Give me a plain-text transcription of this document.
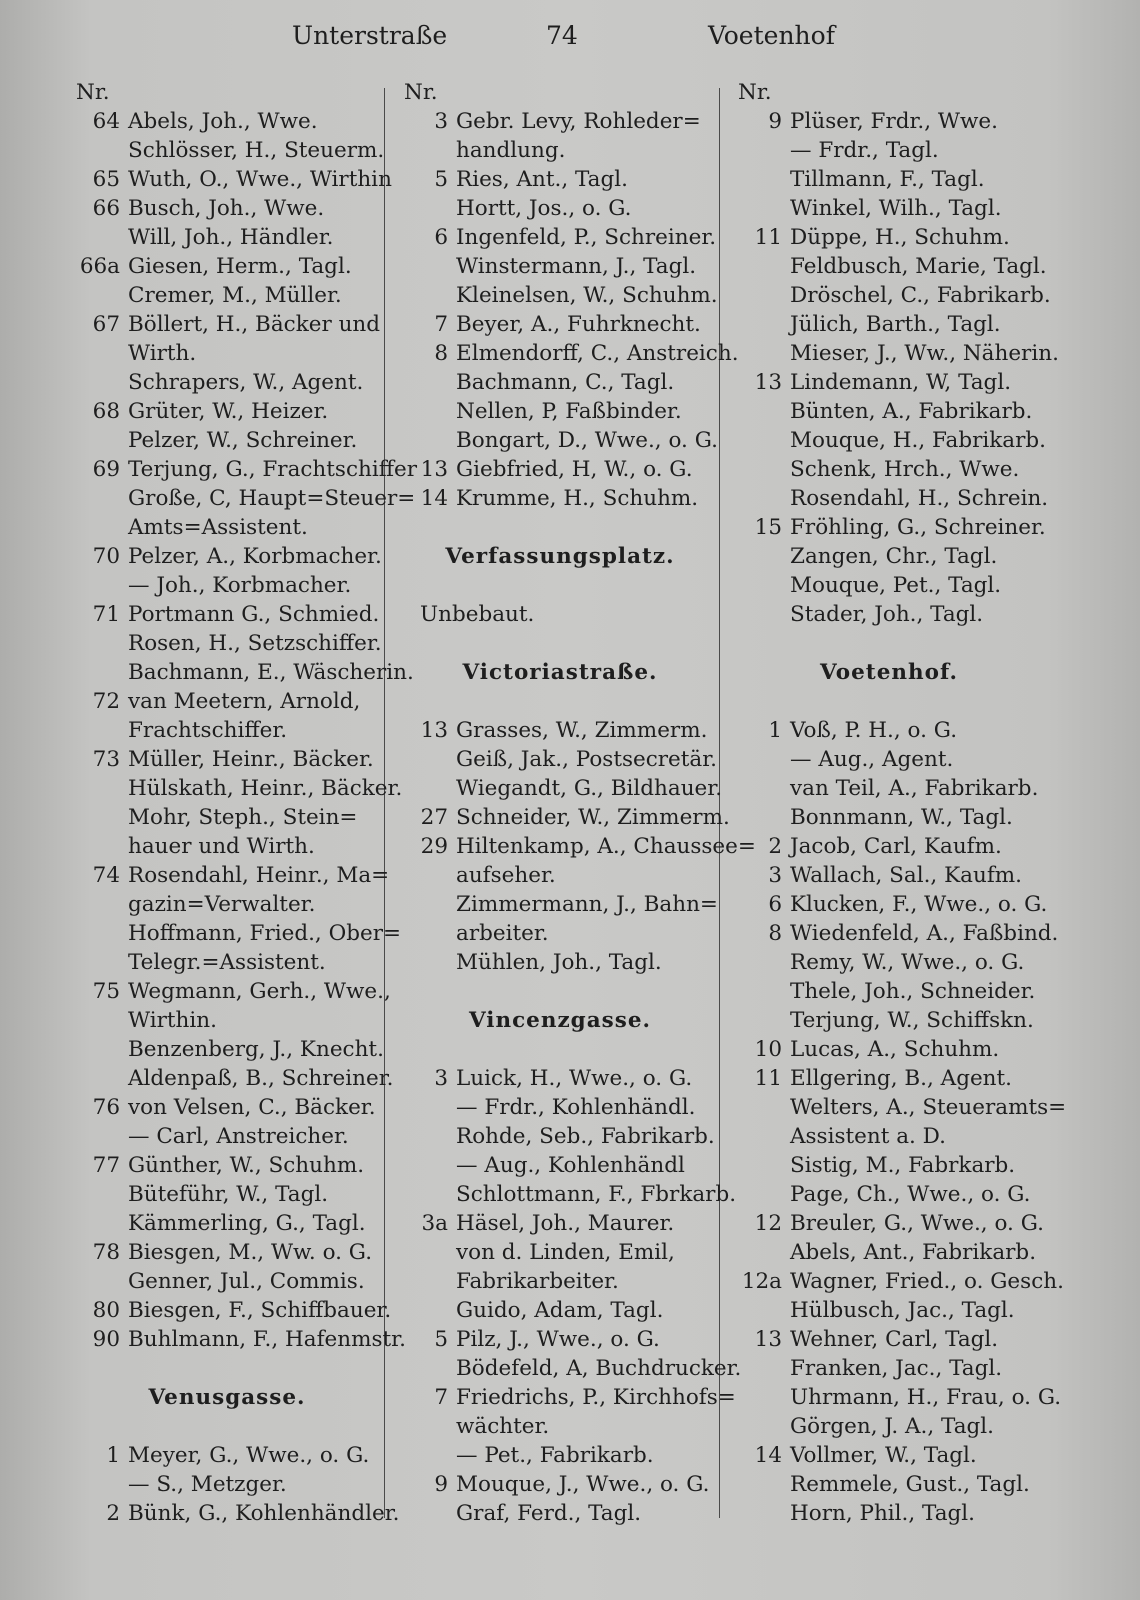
Unterstraße	74	Voetenhof
Nr.
64 Abels, Joh., Wwe.
Schlösser, H., Steuerm.
65 Wuth, O., Wwe., Wirthin
66 Busch, Joh., Wwe.
Will, Joh., Händler.
66a Giesen, Herm., Tagl.
Cremer, M., Müller.
67 Böllert, H., Bäcker und
Wirth.
Schrapers, W., Agent.
68 Grüter, W., Heizer.
Pelzer, W., Schreiner.
69 Terjung, G., Frachtschiffer
Große, C, Haupt=Steuer=
Amts=Assistent.
70 Pelzer, A., Korbmacher.
— Joh., Korbmacher.
71 Portmann G., Schmied.
Rosen, H., Setzschiffer.
Bachmann, E., Wäscherin.
72 van Meetern, Arnold,
Frachtschiffer.
73 Müller, Heinr., Bäcker.
Hülskath, Heinr., Bäcker.
Mohr, Steph., Stein=
hauer und Wirth.
74 Rosendahl, Heinr., Ma=
gazin=Verwalter.
Hoffmann, Fried., Ober=
Telegr.=Assistent.
75 Wegmann, Gerh., Wwe.,
Wirthin.
Benzenberg, J., Knecht.
Aldenpaß, B., Schreiner.
76 von Velsen, C., Bäcker.
— Carl, Anstreicher.
77 Günther, W., Schuhm.
Büteführ, W., Tagl.
Kämmerling, G., Tagl.
78 Biesgen, M., Ww. o. G.
Genner, Jul., Commis.
80 Biesgen, F., Schiffbauer.
90 Buhlmann, F., Hafenmstr.
Venusgasse.
1 Meyer, G., Wwe., o. G.
— S., Metzger.
2 Bünk, G., Kohlenhändler.
Nr.
3 Gebr. Levy, Rohleder=
handlung.
5 Ries, Ant., Tagl.
Hortt, Jos., o. G.
6 Ingenfeld, P., Schreiner.
Winstermann, J., Tagl.
Kleinelsen, W., Schuhm.
7 Beyer, A., Fuhrknecht.
8 Elmendorff, C., Anstreich.
Bachmann, C., Tagl.
Nellen, P, Faßbinder.
Bongart, D., Wwe., o. G.
13 Giebfried, H, W., o. G.
14 Krumme, H., Schuhm.
Verfassungsplatz.
Unbebaut.
Victoriastraße.
13 Grasses, W., Zimmerm.
Geiß, Jak., Postsecretär.
Wiegandt, G., Bildhauer.
27 Schneider, W., Zimmerm.
29 Hiltenkamp, A., Chaussee=
aufseher.
Zimmermann, J., Bahn=
arbeiter.
Mühlen, Joh., Tagl.
Vincenzgasse.
3 Luick, H., Wwe., o. G.
— Frdr., Kohlenhändl.
Rohde, Seb., Fabrikarb.
— Aug., Kohlenhändl
Schlottmann, F., Fbrkarb.
3a Häsel, Joh., Maurer.
von d. Linden, Emil,
Fabrikarbeiter.
Guido, Adam, Tagl.
5 Pilz, J., Wwe., o. G.
Bödefeld, A, Buchdrucker.
7 Friedrichs, P., Kirchhofs=
wächter.
— Pet., Fabrikarb.
9 Mouque, J., Wwe., o. G.
Graf, Ferd., Tagl.
Nr.
9 Plüser, Frdr., Wwe.
— Frdr., Tagl.
Tillmann, F., Tagl.
Winkel, Wilh., Tagl.
11 Düppe, H., Schuhm.
Feldbusch, Marie, Tagl.
Dröschel, C., Fabrikarb.
Jülich, Barth., Tagl.
Mieser, J., Ww., Näherin.
13 Lindemann, W, Tagl.
Bünten, A., Fabrikarb.
Mouque, H., Fabrikarb.
Schenk, Hrch., Wwe.
Rosendahl, H., Schrein.
15 Fröhling, G., Schreiner.
Zangen, Chr., Tagl.
Mouque, Pet., Tagl.
Stader, Joh., Tagl.
Voetenhof.
1 Voß, P. H., o. G.
— Aug., Agent.
van Teil, A., Fabrikarb.
Bonnmann, W., Tagl.
2 Jacob, Carl, Kaufm.
3 Wallach, Sal., Kaufm.
6 Klucken, F., Wwe., o. G.
8 Wiedenfeld, A., Faßbind.
Remy, W., Wwe., o. G.
Thele, Joh., Schneider.
Terjung, W., Schiffskn.
10 Lucas, A., Schuhm.
11 Ellgering, B., Agent.
Welters, A., Steueramts=
Assistent a. D.
Sistig, M., Fabrkarb.
Page, Ch., Wwe., o. G.
12 Breuler, G., Wwe., o. G.
Abels, Ant., Fabrikarb.
12a Wagner, Fried., o. Gesch.
Hülbusch, Jac., Tagl.
13 Wehner, Carl, Tagl.
Franken, Jac., Tagl.
Uhrmann, H., Frau, o. G.
Görgen, J. A., Tagl.
14 Vollmer, W., Tagl.
Remmele, Gust., Tagl.
Horn, Phil., Tagl.
